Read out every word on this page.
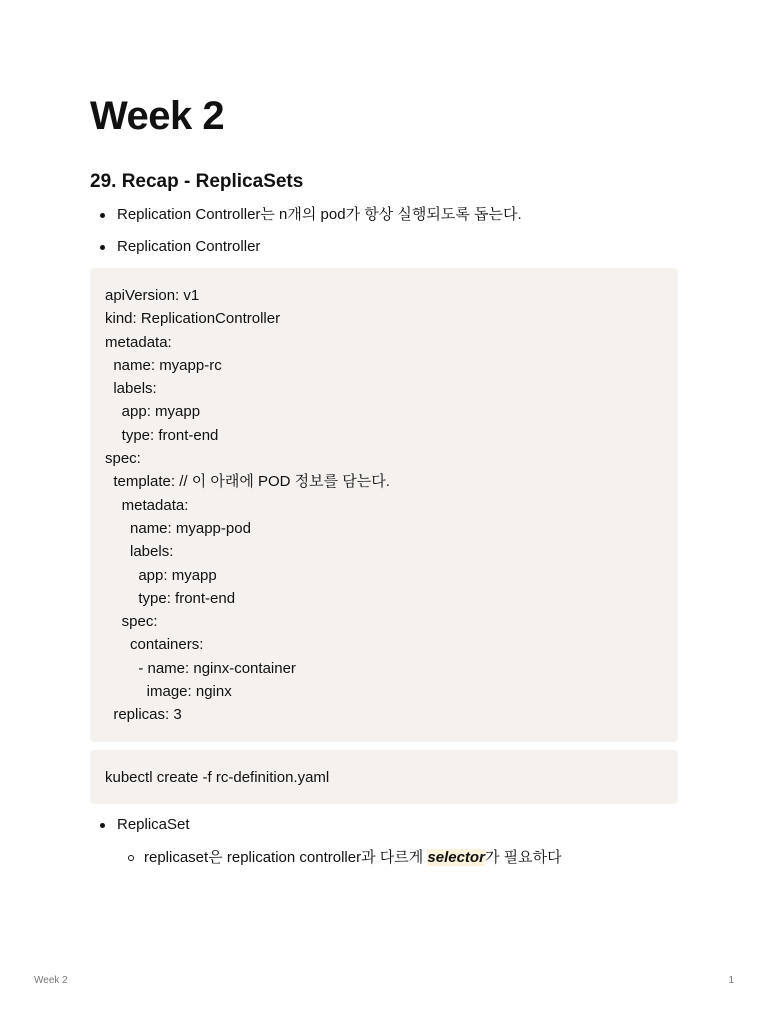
Week 2
29. Recap - ReplicaSets
Replication Controller는 n개의 pod가 항상 실행되도록 돕는다.
Replication Controller
apiVersion: v1
kind: ReplicationController
metadata:
name: myapp-rc
labels:
app: myapp
type: front-end
spec:
template: // 이 아래에 POD 정보를 담는다.
metadata:
name: myapp-pod
labels:
app: myapp
type: front-end
spec:
containers:
- name: nginx-container
image: nginx
replicas: 3
kubectl create -f rc-definition.yaml
ReplicaSet
replicaset은 replication controller과 다르게 selector가 필요하다
Week 2	1
